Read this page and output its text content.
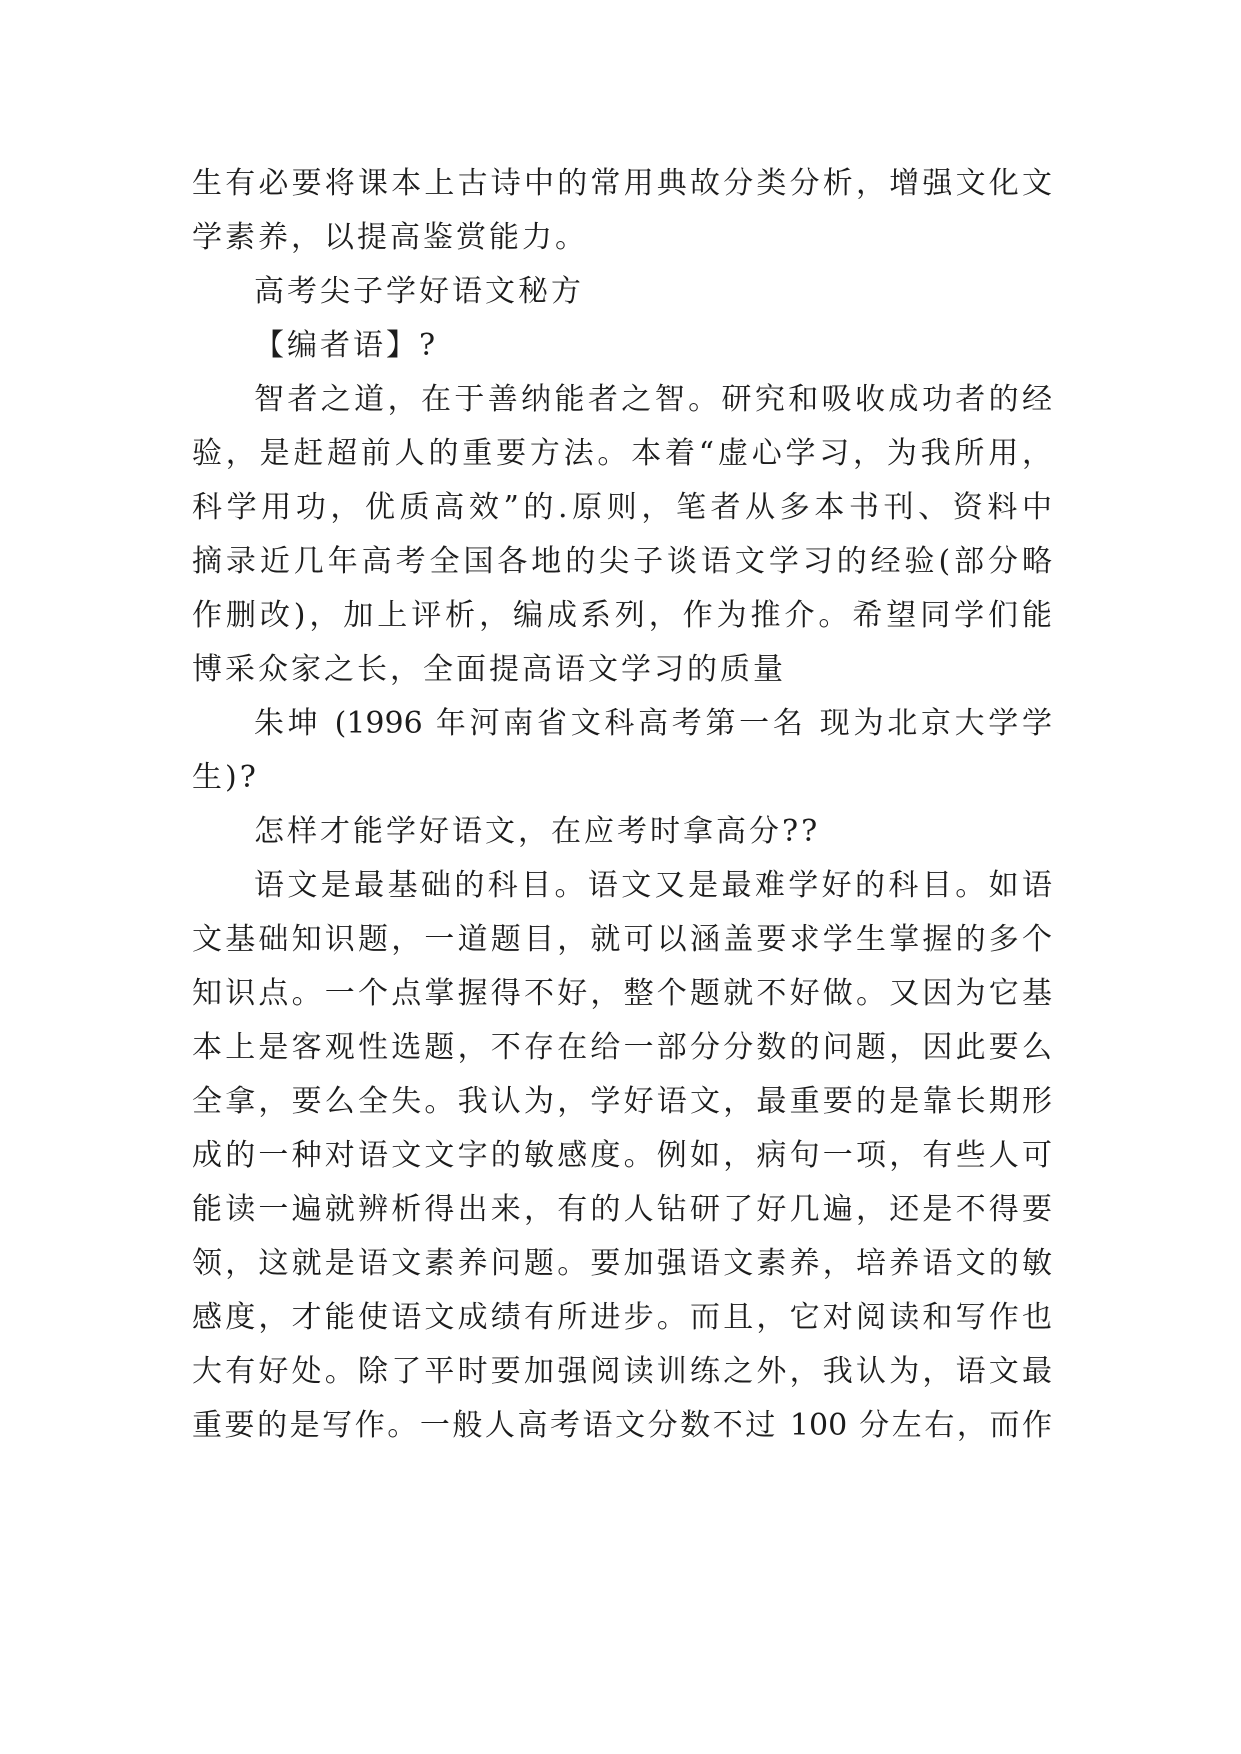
生有必要将课本上古诗中的常用典故分类分析，增强文化文
学素养，以提高鉴赏能力。
高考尖子学好语文秘方
【编者语】?
智者之道，在于善纳能者之智。研究和吸收成功者的经
验，是赶超前人的重要方法。本着“虚心学习，为我所用，
科学用功，优质高效”的.原则，笔者从多本书刊、资料中
摘录近几年高考全国各地的尖子谈语文学习的经验(部分略
作删改)，加上评析，编成系列，作为推介。希望同学们能
博采众家之长，全面提高语文学习的质量
朱坤 (1996 年河南省文科高考第一名 现为北京大学学
生)?
怎样才能学好语文，在应考时拿高分??
语文是最基础的科目。语文又是最难学好的科目。如语
文基础知识题，一道题目，就可以涵盖要求学生掌握的多个
知识点。一个点掌握得不好，整个题就不好做。又因为它基
本上是客观性选题，不存在给一部分分数的问题，因此要么
全拿，要么全失。我认为，学好语文，最重要的是靠长期形
成的一种对语文文字的敏感度。例如，病句一项，有些人可
能读一遍就辨析得出来，有的人钻研了好几遍，还是不得要
领，这就是语文素养问题。要加强语文素养，培养语文的敏
感度，才能使语文成绩有所进步。而且，它对阅读和写作也
大有好处。除了平时要加强阅读训练之外，我认为，语文最
重要的是写作。一般人高考语文分数不过 100 分左右，而作
